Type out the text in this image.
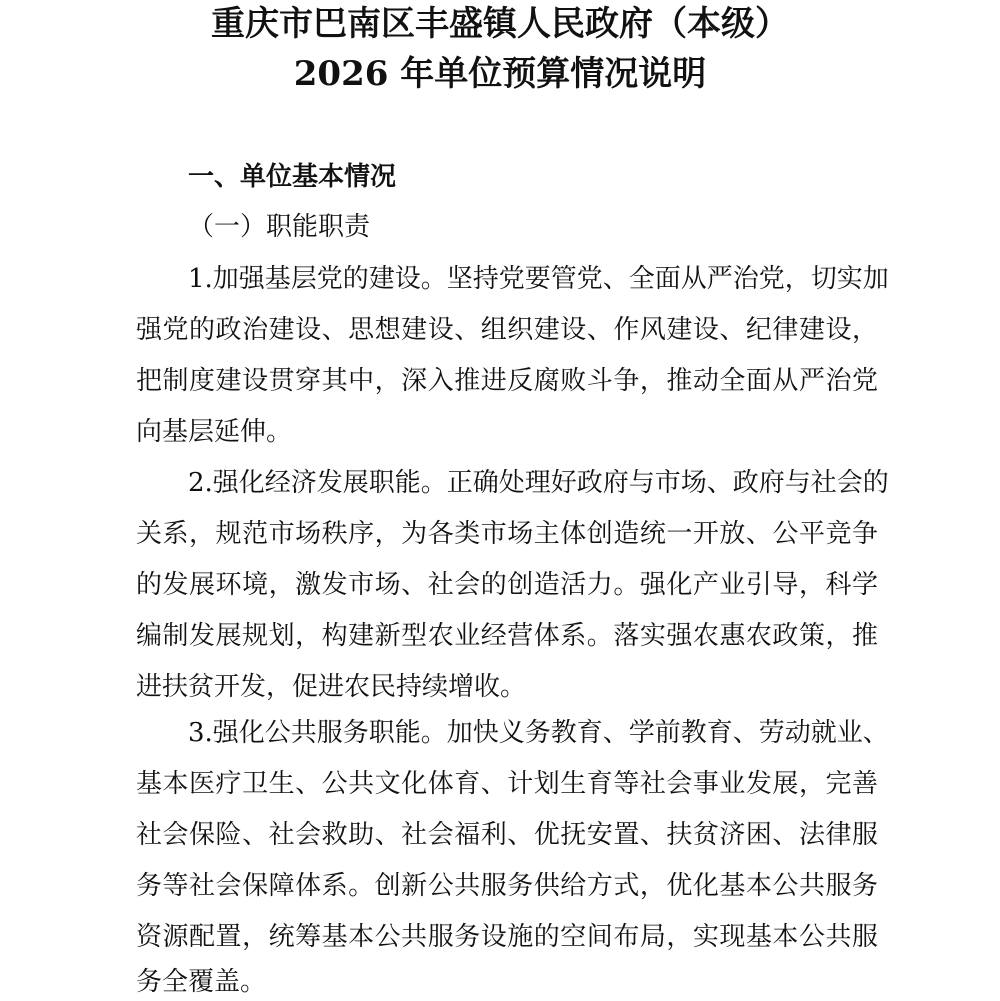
重庆市巴南区丰盛镇人民政府（本级）
2026 年单位预算情况说明
一、单位基本情况
（一）职能职责
1.加强基层党的建设。坚持党要管党、全面从严治党，切实加
强党的政治建设、思想建设、组织建设、作风建设、纪律建设，
把制度建设贯穿其中，深入推进反腐败斗争，推动全面从严治党
向基层延伸。
2.强化经济发展职能。正确处理好政府与市场、政府与社会的
关系，规范市场秩序，为各类市场主体创造统一开放、公平竞争
的发展环境，激发市场、社会的创造活力。强化产业引导，科学
编制发展规划，构建新型农业经营体系。落实强农惠农政策，推
进扶贫开发，促进农民持续增收。
3.强化公共服务职能。加快义务教育、学前教育、劳动就业、
基本医疗卫生、公共文化体育、计划生育等社会事业发展，完善
社会保险、社会救助、社会福利、优抚安置、扶贫济困、法律服
务等社会保障体系。创新公共服务供给方式，优化基本公共服务
资源配置，统筹基本公共服务设施的空间布局，实现基本公共服
务全覆盖。
